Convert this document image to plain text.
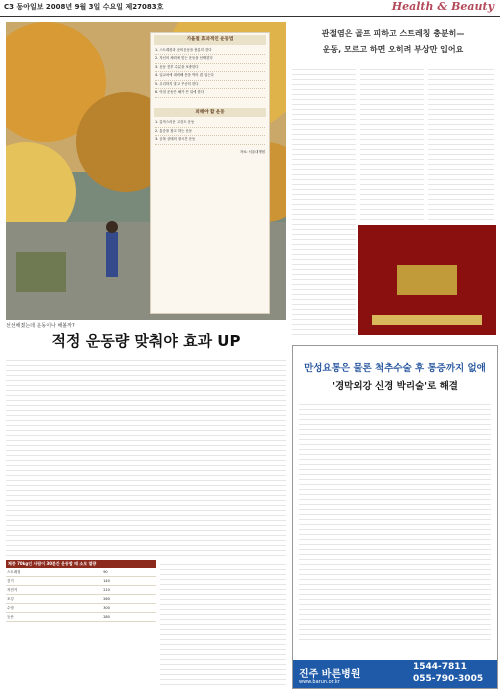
C3 동아일보 2008년 9월 3일 수요일 제27083호	Health & Beauty
가을철 효과적인 운동법
1. 스트레칭과 준비운동을 충분히 한다
2. 자신의 체력에 맞는 운동을 선택한다
3. 운동 전후 수분을 보충한다
4. 일교차에 대비해 옷을 여러 겹 입는다
5. 무리하지 말고 꾸준히 한다
6. 아침 운동은 해가 뜬 뒤에 한다
피해야 할 운동
1. 갑작스러운 고강도 운동
2. 통증을 참고 하는 운동
3. 공복 상태의 장시간 운동
자료: 서울대병원
관절염은 골프 피하고 스트레칭 충분히—
운동, 모르고 하면 오히려 부상만 입어요
선선해졌는데 운동이나 해볼까?
적정 운동량 맞춰야 효과 UP
체중 70kg인 사람이 30분간 운동할 때 소모 열량
스트레칭	90
걷기	140
자전거	210
조깅	260
수영	300
등산	280
만성요통은 물론 척추수술 후 통증까지 없애
'경막외강 신경 박리술'로 해결
진주 바른병원
1544-7811
055-790-3005
www.barun.or.kr
